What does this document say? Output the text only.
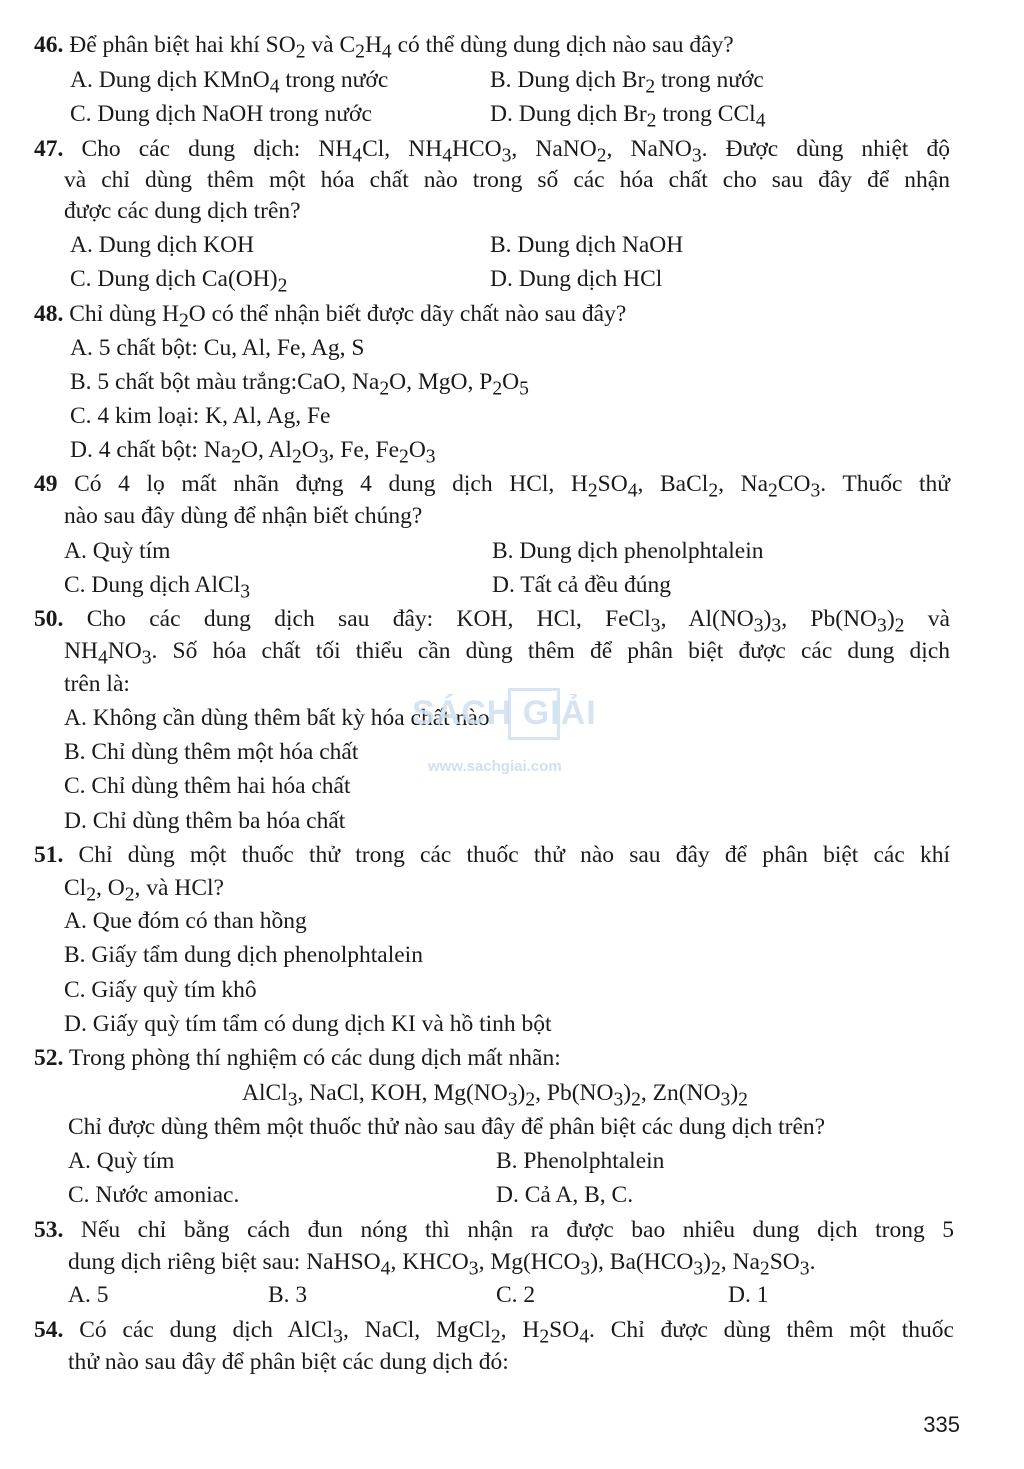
46. Để phân biệt hai khí $SO_2$ và $C_2H_4$ có thể dùng dung dịch nào sau đây?
A. Dung dịch KMnO$_4$ trong nước	B. Dung dịch $Br_2$ trong nước
C. Dung dịch NaOH trong nước	D. Dung dịch $Br_2$ trong CCl$_4$
47. Cho các dung dịch: $NH_4Cl$, $NH_4HCO_3$, NaNO$_2$, NaNO$_3$. Được dùng nhiệt độ
và chỉ dùng thêm một hóa chất nào trong số các hóa chất cho sau đây để nhận
được các dung dịch trên?
A. Dung dịch KOH	B. Dung dịch NaOH
C. Dung dịch $Ca(OH)_2$	D. Dung dịch HCl
48. Chỉ dùng $H_2O$ có thể nhận biết được dãy chất nào sau đây?
A. 5 chất bột: Cu, Al, Fe, Ag, S
B. 5 chất bột màu trắng:CaO, $Na_2O$, MgO, $P_2O_5$
C. 4 kim loại: K, Al, Ag, Fe
D. 4 chất bột: $Na_2O$, $Al_2O_3$, Fe, $Fe_2O_3$
49 Có 4 lọ mất nhãn đựng 4 dung dịch HCl, $H_2SO_4$, BaCl$_2$, $Na_2CO_3$. Thuốc thử
nào sau đây dùng để nhận biết chúng?
A. Quỳ tím	B. Dung dịch phenolphtalein
C. Dung dịch AlCl$_3$	D. Tất cả đều đúng
50. Cho các dung dịch sau đây: KOH, HCl, FeCl$_3$, $Al(NO_3)_3$, $Pb(NO_3)_2$ và
$NH_4NO_3$. Số hóa chất tối thiểu cần dùng thêm để phân biệt được các dung dịch
trên là:
A. Không cần dùng thêm bất kỳ hóa chất nào
B. Chỉ dùng thêm một hóa chất
C. Chỉ dùng thêm hai hóa chất
D. Chỉ dùng thêm ba hóa chất
SÁCH GIẢI
www.sachgiai.com
51. Chỉ dùng một thuốc thử trong các thuốc thử nào sau đây để phân biệt các khí
$Cl_2$, $O_2$, và HCl?
A. Que đóm có than hồng
B. Giấy tẩm dung dịch phenolphtalein
C. Giấy quỳ tím khô
D. Giấy quỳ tím tẩm có dung dịch KI và hồ tinh bột
52. Trong phòng thí nghiệm có các dung dịch mất nhãn:
AlCl$_3$, NaCl, KOH, $Mg(NO_3)_2$, $Pb(NO_3)_2$, $Zn(NO_3)_2$
Chỉ được dùng thêm một thuốc thử nào sau đây để phân biệt các dung dịch trên?
A. Quỳ tím	B. Phenolphtalein
C. Nước amoniac.	D. Cả A, B, C.
53. Nếu chỉ bằng cách đun nóng thì nhận ra được bao nhiêu dung dịch trong 5
dung dịch riêng biệt sau: NaHSO$_4$, $KHCO_3$, $Mg(HCO_3)$, $Ba(HCO_3)_2$, $Na_2SO_3$.
A. 5	B. 3	C. 2	D. 1
54. Có các dung dịch AlCl$_3$, NaCl, MgCl$_2$, $H_2SO_4$. Chỉ được dùng thêm một thuốc
thử nào sau đây để phân biệt các dung dịch đó:
335
